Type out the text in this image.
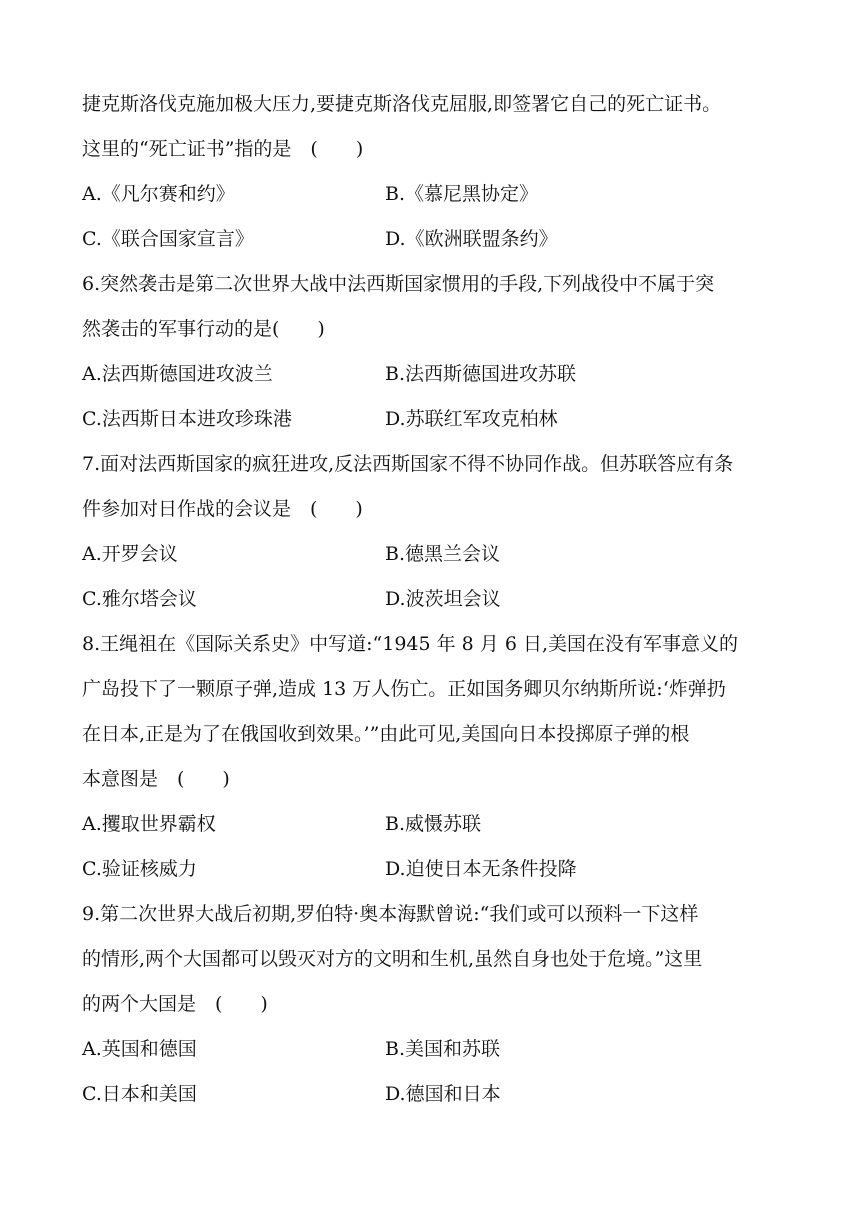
捷克斯洛伐克施加极大压力,要捷克斯洛伐克屈服,即签署它自己的死亡证书。
这里的“死亡证书”指的是　(　　)
A.《凡尔赛和约》	B.《慕尼黑协定》
C.《联合国家宣言》	D.《欧洲联盟条约》
6.突然袭击是第二次世界大战中法西斯国家惯用的手段,下列战役中不属于突
然袭击的军事行动的是(　　)
A.法西斯德国进攻波兰	B.法西斯德国进攻苏联
C.法西斯日本进攻珍珠港	D.苏联红军攻克柏林
7.面对法西斯国家的疯狂进攻,反法西斯国家不得不协同作战。但苏联答应有条
件参加对日作战的会议是　(　　)
A.开罗会议	B.德黑兰会议
C.雅尔塔会议	D.波茨坦会议
8.王绳祖在《国际关系史》中写道:“1945 年 8 月 6 日,美国在没有军事意义的
广岛投下了一颗原子弹,造成 13 万人伤亡。正如国务卿贝尔纳斯所说:‘炸弹扔
在日本,正是为了在俄国收到效果。’”由此可见,美国向日本投掷原子弹的根
本意图是　(　　)
A.攫取世界霸权	B.威慑苏联
C.验证核威力	D.迫使日本无条件投降
9.第二次世界大战后初期,罗伯特·奥本海默曾说:“我们或可以预料一下这样
的情形,两个大国都可以毁灭对方的文明和生机,虽然自身也处于危境。”这里
的两个大国是　(　　)
A.英国和德国	B.美国和苏联
C.日本和美国	D.德国和日本
